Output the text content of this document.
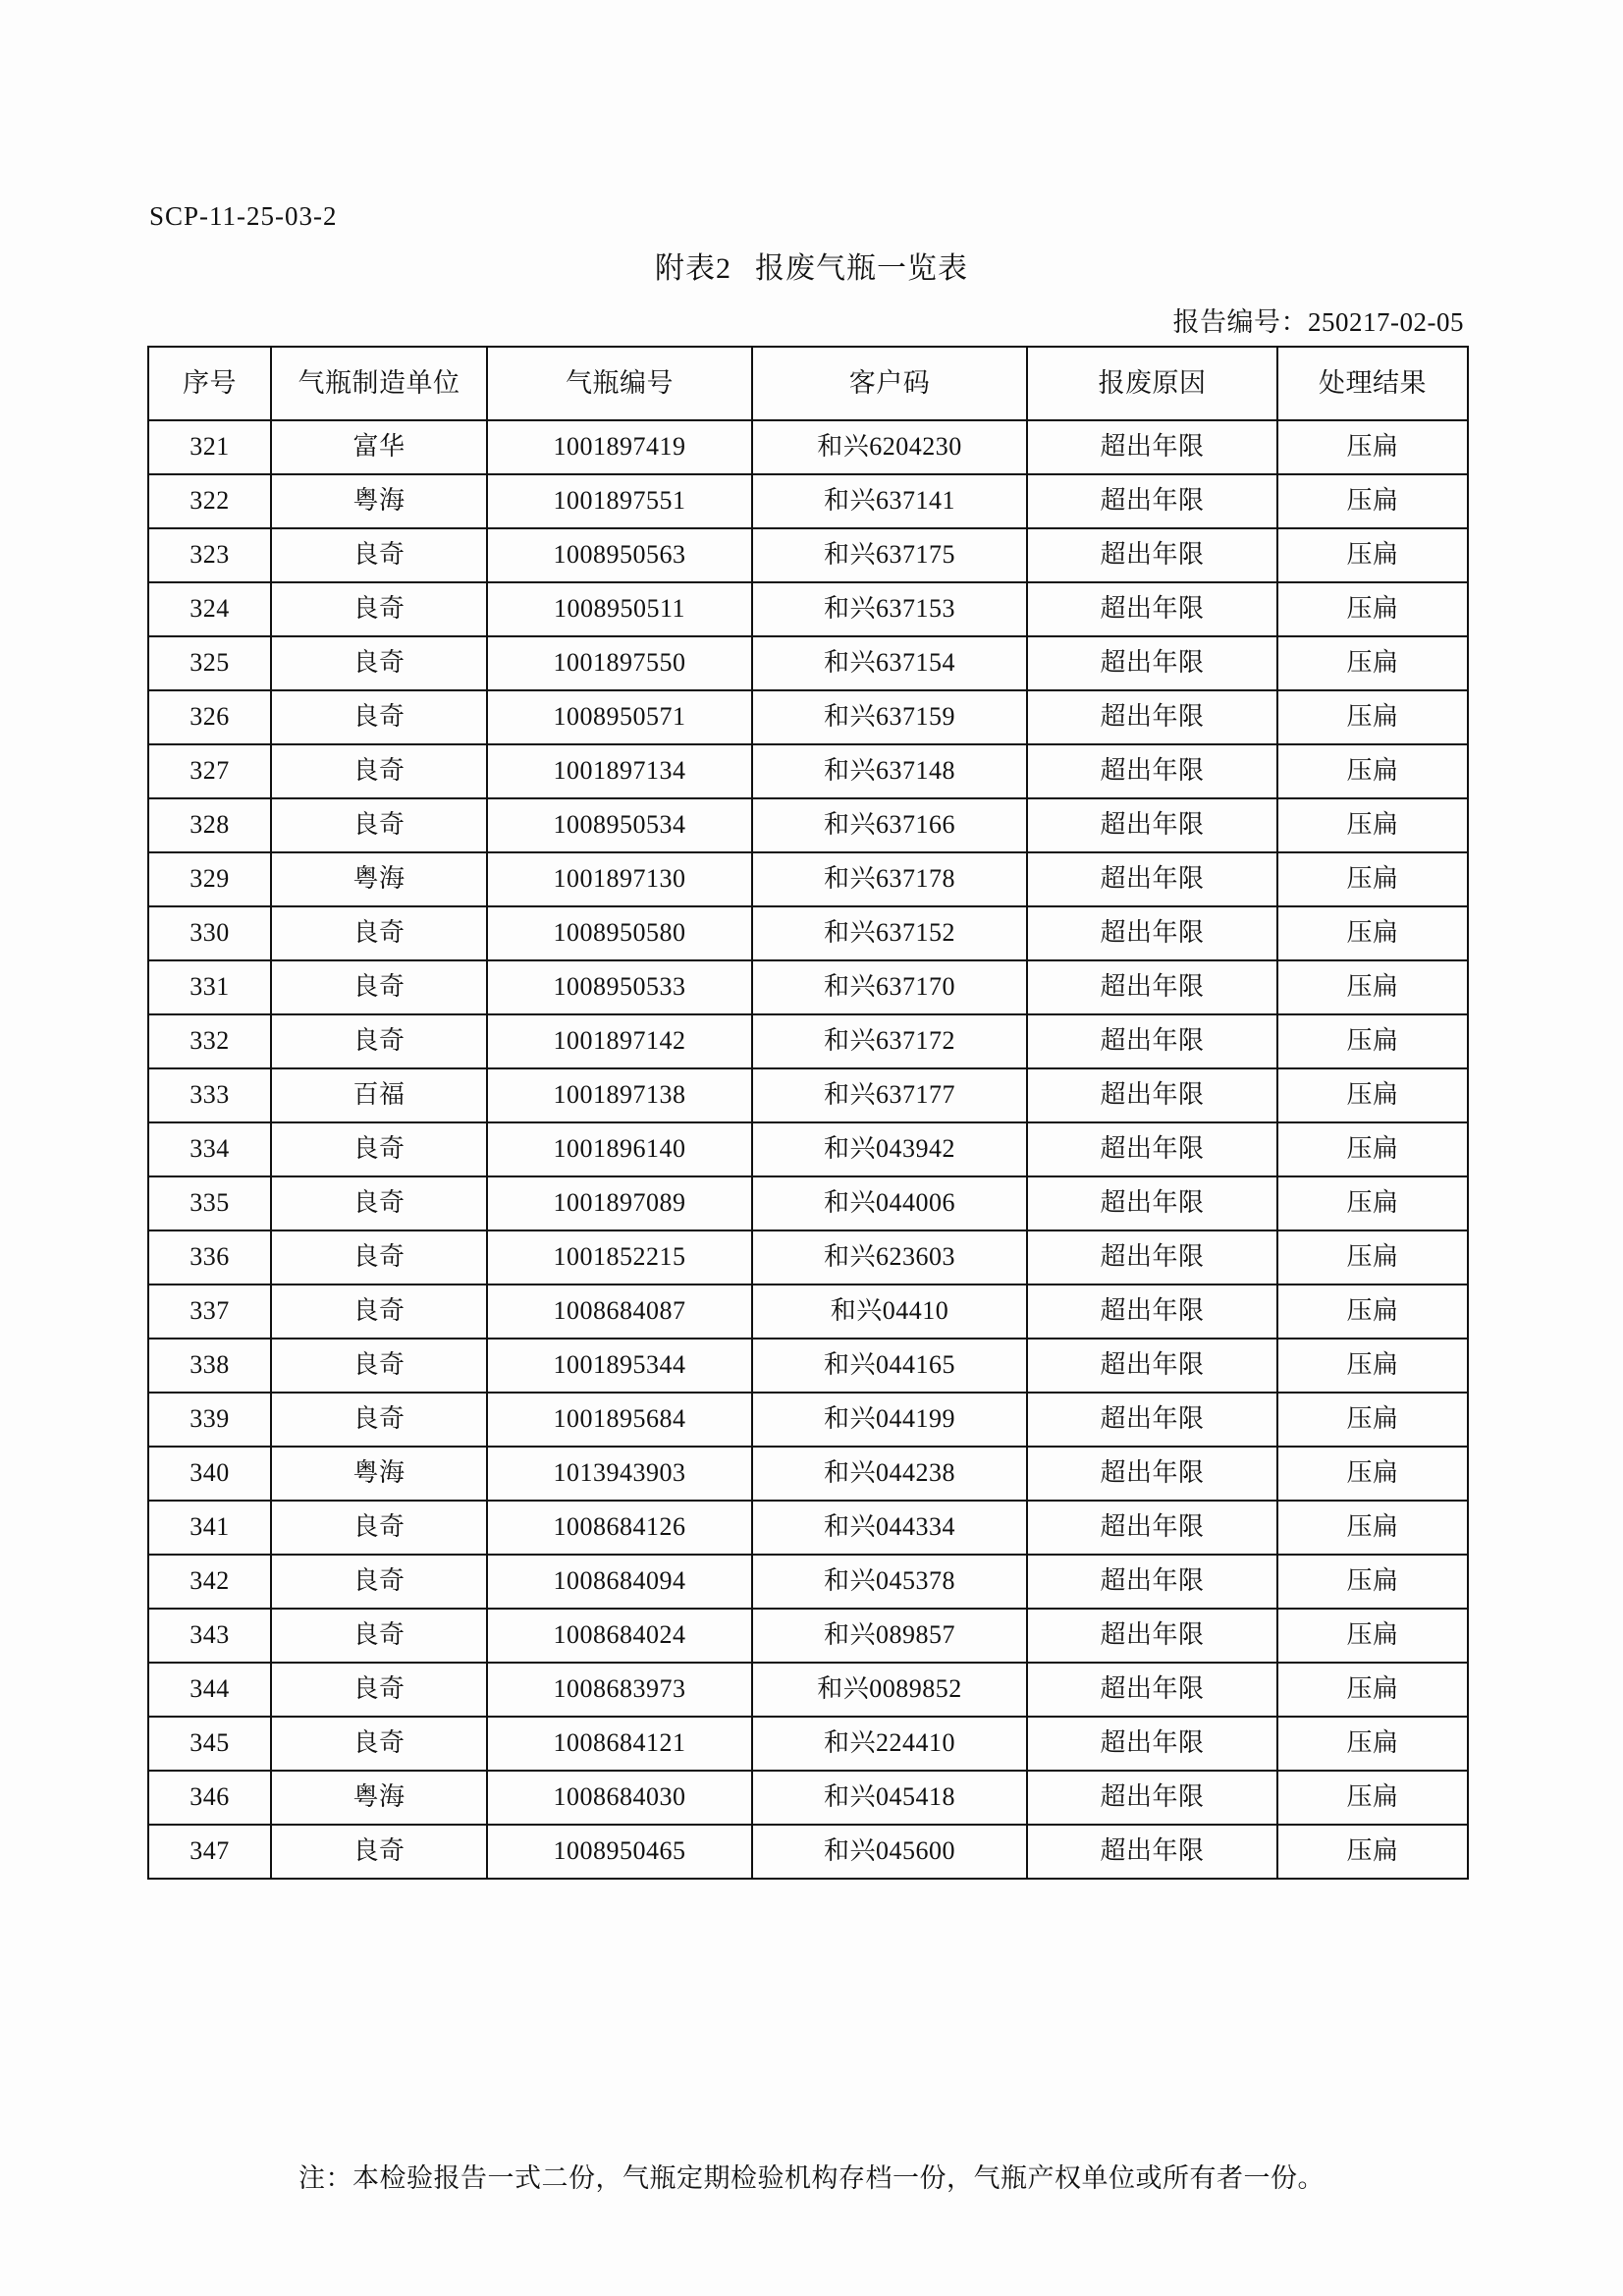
SCP-11-25-03-2
附表2 报废气瓶一览表
报告编号：250217-02-05
序号	气瓶制造单位	气瓶编号	客户码	报废原因	处理结果
321	富华	1001897419	和兴6204230	超出年限	压扁
322	粤海	1001897551	和兴637141	超出年限	压扁
323	良奇	1008950563	和兴637175	超出年限	压扁
324	良奇	1008950511	和兴637153	超出年限	压扁
325	良奇	1001897550	和兴637154	超出年限	压扁
326	良奇	1008950571	和兴637159	超出年限	压扁
327	良奇	1001897134	和兴637148	超出年限	压扁
328	良奇	1008950534	和兴637166	超出年限	压扁
329	粤海	1001897130	和兴637178	超出年限	压扁
330	良奇	1008950580	和兴637152	超出年限	压扁
331	良奇	1008950533	和兴637170	超出年限	压扁
332	良奇	1001897142	和兴637172	超出年限	压扁
333	百福	1001897138	和兴637177	超出年限	压扁
334	良奇	1001896140	和兴043942	超出年限	压扁
335	良奇	1001897089	和兴044006	超出年限	压扁
336	良奇	1001852215	和兴623603	超出年限	压扁
337	良奇	1008684087	和兴04410	超出年限	压扁
338	良奇	1001895344	和兴044165	超出年限	压扁
339	良奇	1001895684	和兴044199	超出年限	压扁
340	粤海	1013943903	和兴044238	超出年限	压扁
341	良奇	1008684126	和兴044334	超出年限	压扁
342	良奇	1008684094	和兴045378	超出年限	压扁
343	良奇	1008684024	和兴089857	超出年限	压扁
344	良奇	1008683973	和兴0089852	超出年限	压扁
345	良奇	1008684121	和兴224410	超出年限	压扁
346	粤海	1008684030	和兴045418	超出年限	压扁
347	良奇	1008950465	和兴045600	超出年限	压扁
注：本检验报告一式二份，气瓶定期检验机构存档一份，气瓶产权单位或所有者一份。
